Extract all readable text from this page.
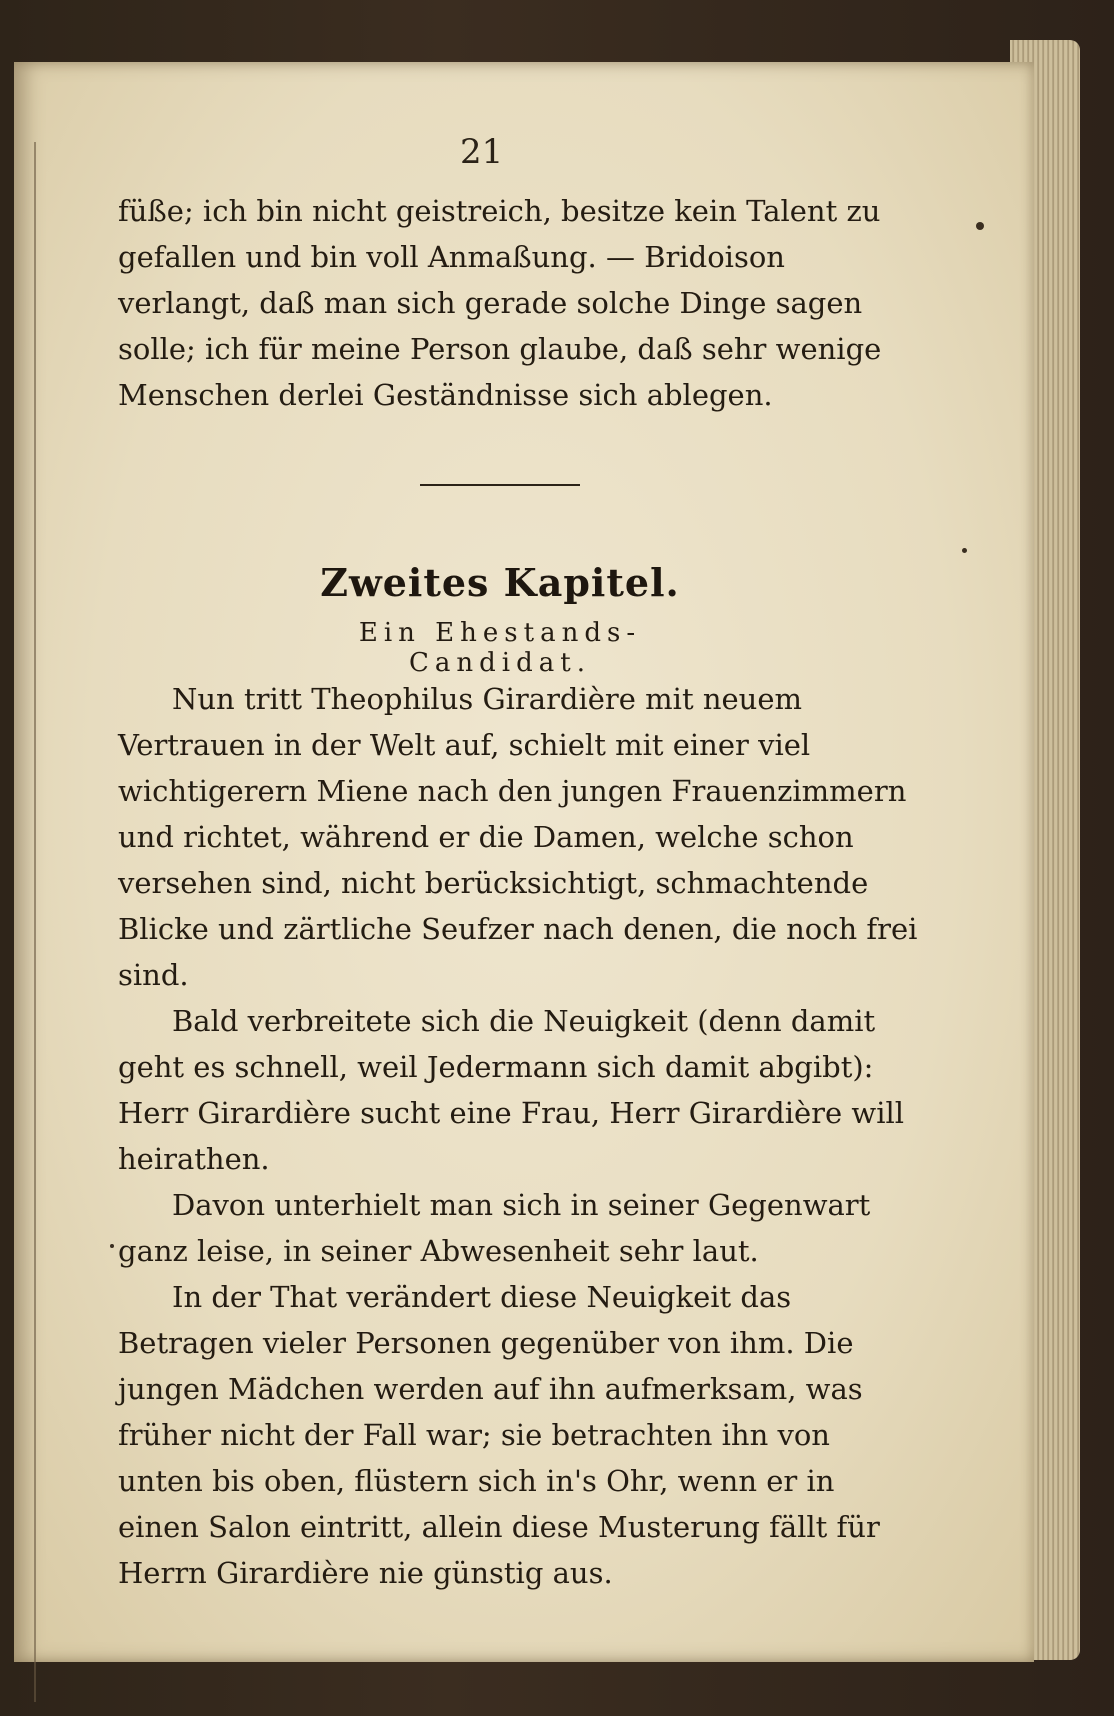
21

füße; ich bin nicht geistreich, besitze kein Talent zu gefallen und bin voll Anmaßung. — Bridoison verlangt, daß man sich gerade solche Dinge sagen solle; ich für meine Person glaube, daß sehr wenige Menschen derlei Geständnisse sich ablegen.

Zweites Kapitel.
Ein Ehestands-Candidat.

Nun tritt Theophilus Girardière mit neuem Vertrauen in der Welt auf, schielt mit einer viel wichtigerern Miene nach den jungen Frauenzimmern und richtet, während er die Damen, welche schon versehen sind, nicht berücksichtigt, schmachtende Blicke und zärtliche Seufzer nach denen, die noch frei sind.

Bald verbreitete sich die Neuigkeit (denn damit geht es schnell, weil Jedermann sich damit abgibt): Herr Girardière sucht eine Frau, Herr Girardière will heirathen.

Davon unterhielt man sich in seiner Gegenwart ganz leise, in seiner Abwesenheit sehr laut.

In der That verändert diese Neuigkeit das Betragen vieler Personen gegenüber von ihm. Die jungen Mädchen werden auf ihn aufmerksam, was früher nicht der Fall war; sie betrachten ihn von unten bis oben, flüstern sich in's Ohr, wenn er in einen Salon eintritt, allein diese Musterung fällt für Herrn Girardière nie günstig aus.
